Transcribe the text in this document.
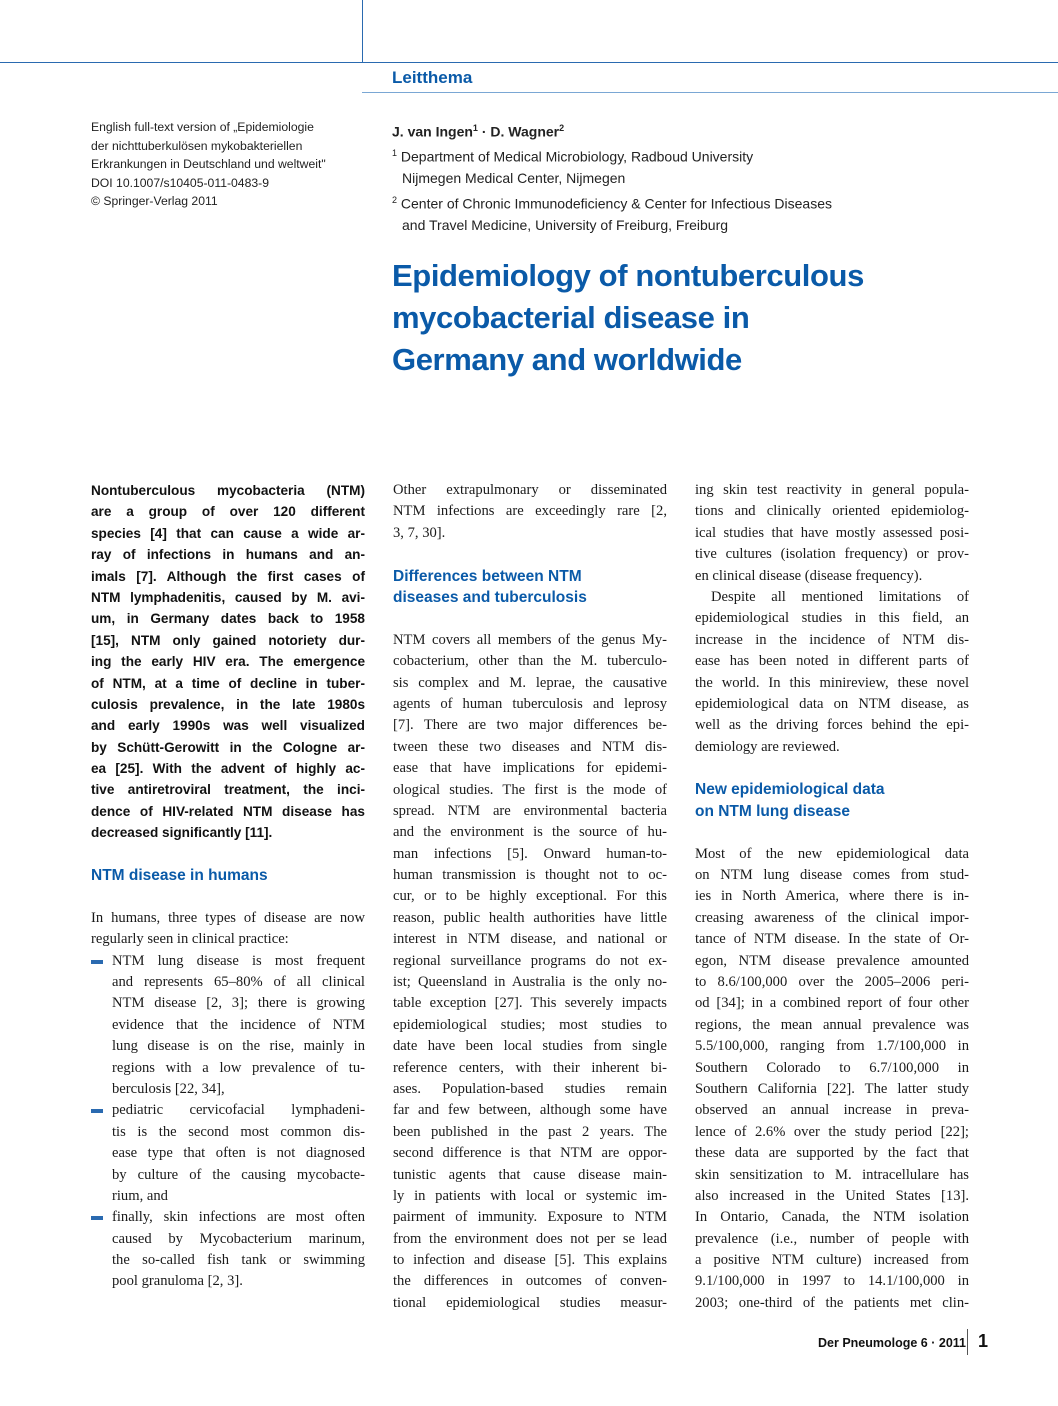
Leitthema
English full-text version of „Epidemiologie
der nichttuberkulösen mykobakteriellen
Erkrankungen in Deutschland und weltweit"
DOI 10.1007/s10405-011-0483-9
© Springer-Verlag 2011
J. van Ingen$^1$ · D. Wagner$^2$
$^1$ Department of Medical Microbiology, Radboud University
Nijmegen Medical Center, Nijmegen
$^2$ Center of Chronic Immunodeficiency & Center for Infectious Diseases
and Travel Medicine, University of Freiburg, Freiburg
Epidemiology of nontuberculous
mycobacterial disease in
Germany and worldwide
Nontuberculous mycobacteria (NTM)
are a group of over 120 different
species [4] that can cause a wide ar-
ray of infections in humans and an-
imals [7]. Although the first cases of
NTM lymphadenitis, caused by M. avi-
um, in Germany dates back to 1958
[15], NTM only gained notoriety dur-
ing the early HIV era. The emergence
of NTM, at a time of decline in tuber-
culosis prevalence, in the late 1980s
and early 1990s was well visualized
by Schütt-Gerowitt in the Cologne ar-
ea [25]. With the advent of highly ac-
tive antiretroviral treatment, the inci-
dence of HIV-related NTM disease has
decreased significantly [11].
NTM disease in humans
In humans, three types of disease are now
regularly seen in clinical practice:
NTM lung disease is most frequent
and represents 65–80% of all clinical
NTM disease [2, 3]; there is growing
evidence that the incidence of NTM
lung disease is on the rise, mainly in
regions with a low prevalence of tu-
berculosis [22, 34],
pediatric cervicofacial lymphadeni-
tis is the second most common dis-
ease type that often is not diagnosed
by culture of the causing mycobacte-
rium, and
finally, skin infections are most often
caused by Mycobacterium marinum,
the so-called fish tank or swimming
pool granuloma [2, 3].
Other extrapulmonary or disseminated
NTM infections are exceedingly rare [2,
3, 7, 30].
Differences between NTM
diseases and tuberculosis
NTM covers all members of the genus My-
cobacterium, other than the M. tuberculo-
sis complex and M. leprae, the causative
agents of human tuberculosis and leprosy
[7]. There are two major differences be-
tween these two diseases and NTM dis-
ease that have implications for epidemi-
ological studies. The first is the mode of
spread. NTM are environmental bacteria
and the environment is the source of hu-
man infections [5]. Onward human-to-
human transmission is thought not to oc-
cur, or to be highly exceptional. For this
reason, public health authorities have little
interest in NTM disease, and national or
regional surveillance programs do not ex-
ist; Queensland in Australia is the only no-
table exception [27]. This severely impacts
epidemiological studies; most studies to
date have been local studies from single
reference centers, with their inherent bi-
ases. Population-based studies remain
far and few between, although some have
been published in the past 2 years. The
second difference is that NTM are oppor-
tunistic agents that cause disease main-
ly in patients with local or systemic im-
pairment of immunity. Exposure to NTM
from the environment does not per se lead
to infection and disease [5]. This explains
the differences in outcomes of conven-
tional epidemiological studies measur-
ing skin test reactivity in general popula-
tions and clinically oriented epidemiolog-
ical studies that have mostly assessed posi-
tive cultures (isolation frequency) or prov-
en clinical disease (disease frequency).
Despite all mentioned limitations of
epidemiological studies in this field, an
increase in the incidence of NTM dis-
ease has been noted in different parts of
the world. In this minireview, these novel
epidemiological data on NTM disease, as
well as the driving forces behind the epi-
demiology are reviewed.
New epidemiological data
on NTM lung disease
Most of the new epidemiological data
on NTM lung disease comes from stud-
ies in North America, where there is in-
creasing awareness of the clinical impor-
tance of NTM disease. In the state of Or-
egon, NTM disease prevalence amounted
to 8.6/100,000 over the 2005–2006 peri-
od [34]; in a combined report of four other
regions, the mean annual prevalence was
5.5/100,000, ranging from 1.7/100,000 in
Southern Colorado to 6.7/100,000 in
Southern California [22]. The latter study
observed an annual increase in preva-
lence of 2.6% over the study period [22];
these data are supported by the fact that
skin sensitization to M. intracellulare has
also increased in the United States [13].
In Ontario, Canada, the NTM isolation
prevalence (i.e., number of people with
a positive NTM culture) increased from
9.1/100,000 in 1997 to 14.1/100,000 in
2003; one-third of the patients met clin-
Der Pneumologe 6 · 2011 1
